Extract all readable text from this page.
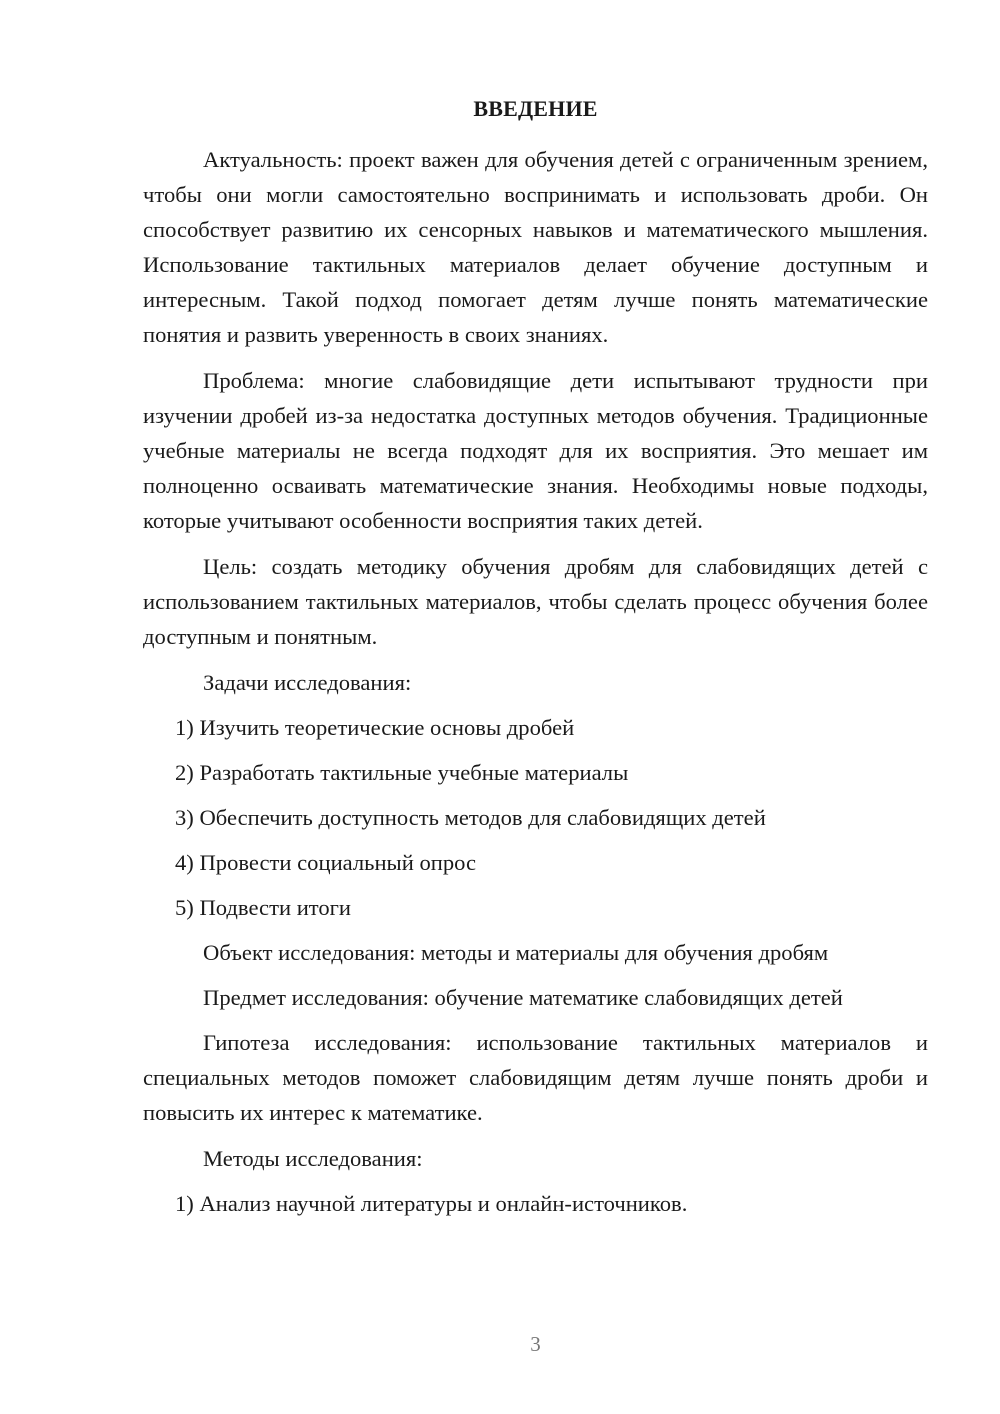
ВВЕДЕНИЕ

Актуальность: проект важен для обучения детей с ограниченным зрением, чтобы они могли самостоятельно воспринимать и использовать дроби. Он способствует развитию их сенсорных навыков и математического мышления. Использование тактильных материалов делает обучение доступным и интересным. Такой подход помогает детям лучше понять математические понятия и развить уверенность в своих знаниях.

Проблема: многие слабовидящие дети испытывают трудности при изучении дробей из-за недостатка доступных методов обучения. Традиционные учебные материалы не всегда подходят для их восприятия. Это мешает им полноценно осваивать математические знания. Необходимы новые подходы, которые учитывают особенности восприятия таких детей.

Цель: создать методику обучения дробям для слабовидящих детей с использованием тактильных материалов, чтобы сделать процесс обучения более доступным и понятным.

Задачи исследования:
1) Изучить теоретические основы дробей
2) Разработать тактильные учебные материалы
3) Обеспечить доступность методов для слабовидящих детей
4) Провести социальный опрос
5) Подвести итоги
Объект исследования: методы и материалы для обучения дробям
Предмет исследования: обучение математике слабовидящих детей

Гипотеза исследования: использование тактильных материалов и специальных методов поможет слабовидящим детям лучше понять дроби и повысить их интерес к математике.

Методы исследования:
1) Анализ научной литературы и онлайн-источников.
3
